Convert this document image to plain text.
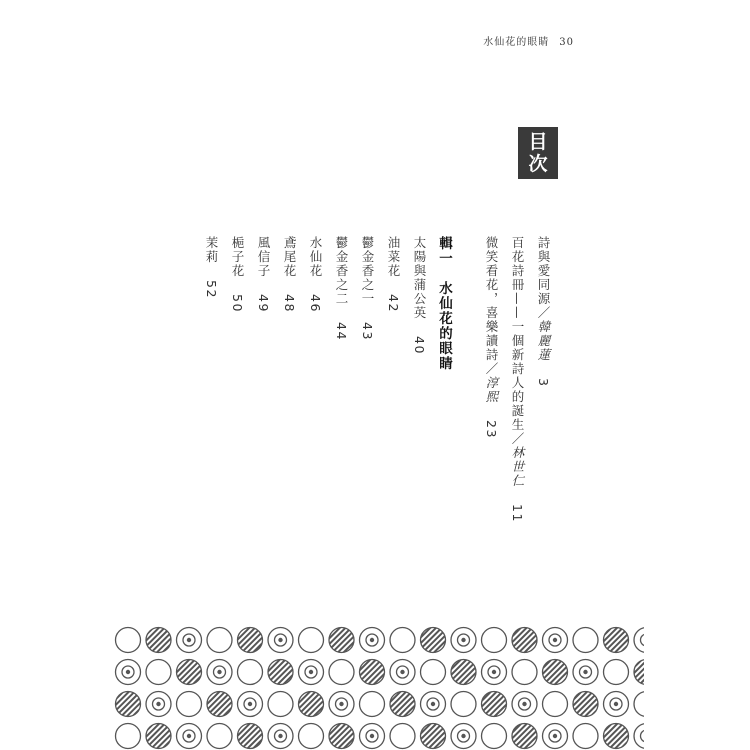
水仙花的眼睛 30
目
次
詩與愛同源／韓麗蓮3
百花詩冊——一個新詩人的誕生／林世仁11
微笑看花，喜樂讀詩／淳熙23
輯一　水仙花的眼睛
太陽與蒲公英40
油菜花42
鬱金香之一43
鬱金香之二44
水仙花46
鳶尾花48
風信子49
梔子花50
茉莉52
